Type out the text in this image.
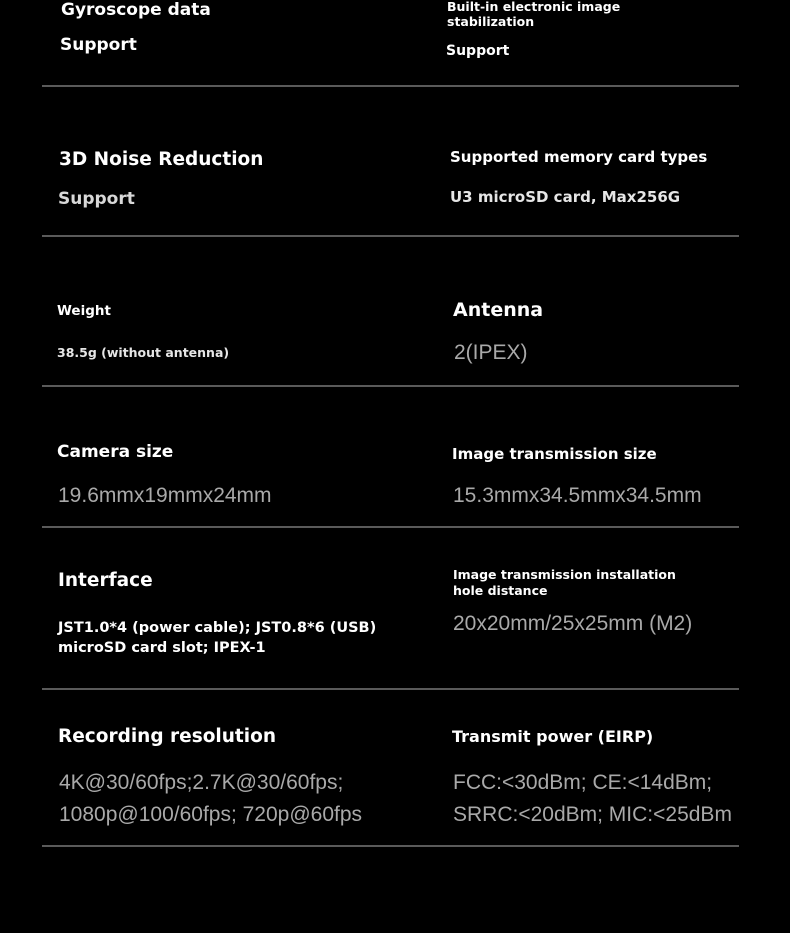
Gyroscope data
Support
Built-in electronic image
stabilization
Support
3D Noise Reduction
Support
Supported memory card types
U3 microSD card, Max256G
Weight
38.5g (without antenna)
Antenna
2(IPEX)
Camera size
19.6mmx19mmx24mm
Image transmission size
15.3mmx34.5mmx34.5mm
Interface
JST1.0*4 (power cable); JST0.8*6 (USB)
microSD card slot; IPEX-1
Image transmission installation
hole distance
20x20mm/25x25mm (M2)
Recording resolution
4K@30/60fps;2.7K@30/60fps;
1080p@100/60fps; 720p@60fps
Transmit power (EIRP)
FCC:<30dBm; CE:<14dBm;
SRRC:<20dBm; MIC:<25dBm
